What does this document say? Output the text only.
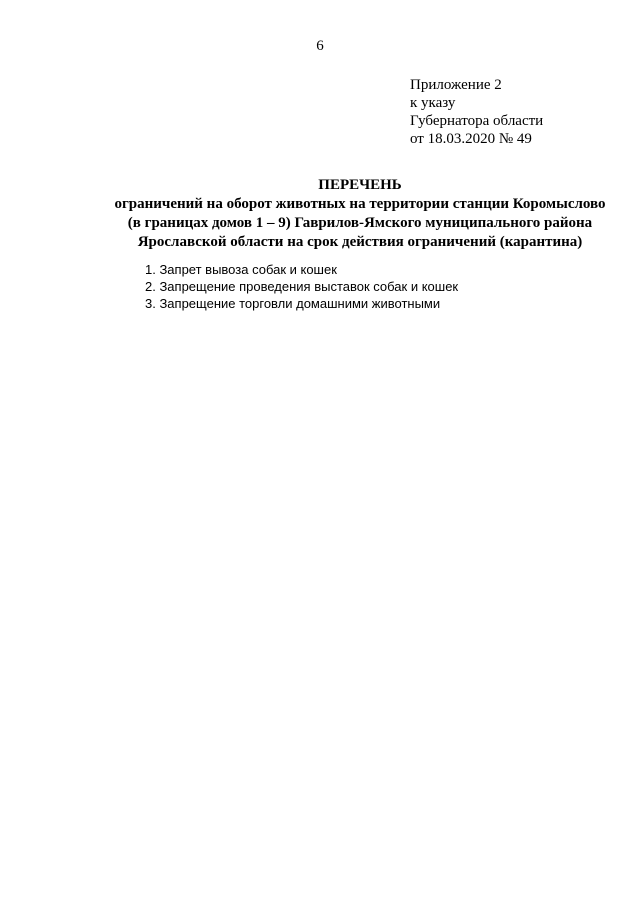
6
Приложение 2
к указу
Губернатора области
от 18.03.2020 № 49
ПЕРЕЧЕНЬ
ограничений на оборот животных на территории станции Коромыслово
(в границах домов 1 – 9) Гаврилов-Ямского муниципального района
Ярославской области на срок действия ограничений (карантина)
1. Запрет вывоза собак и кошек
2. Запрещение проведения выставок собак и кошек
3. Запрещение торговли домашними животными
